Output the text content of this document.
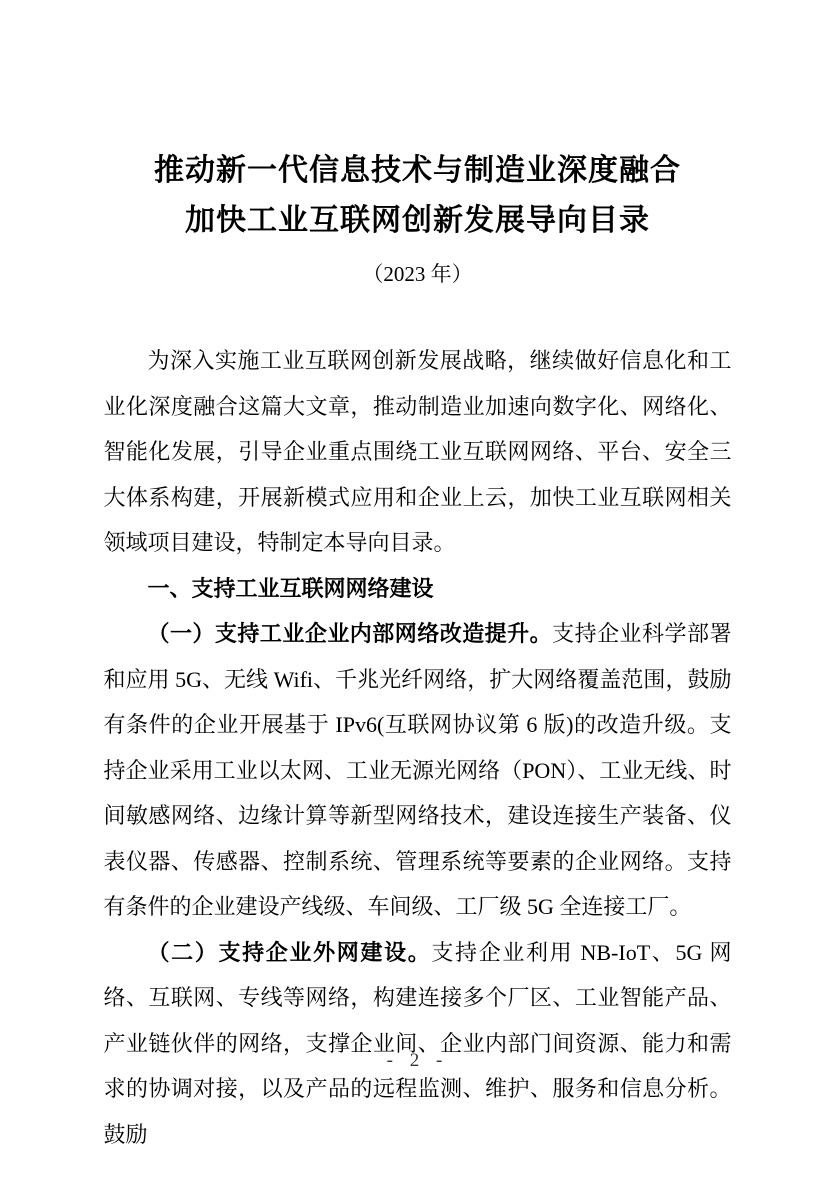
推动新一代信息技术与制造业深度融合
加快工业互联网创新发展导向目录
（2023 年）

为深入实施工业互联网创新发展战略，继续做好信息化和工业化深度融合这篇大文章，推动制造业加速向数字化、网络化、智能化发展，引导企业重点围绕工业互联网网络、平台、安全三大体系构建，开展新模式应用和企业上云，加快工业互联网相关领域项目建设，特制定本导向目录。

一、支持工业互联网网络建设

（一）支持工业企业内部网络改造提升。支持企业科学部署和应用 5G、无线 Wifi、千兆光纤网络，扩大网络覆盖范围，鼓励有条件的企业开展基于 IPv6(互联网协议第 6 版)的改造升级。支持企业采用工业以太网、工业无源光网络（PON）、工业无线、时间敏感网络、边缘计算等新型网络技术，建设连接生产装备、仪表仪器、传感器、控制系统、管理系统等要素的企业网络。支持有条件的企业建设产线级、车间级、工厂级 5G 全连接工厂。

（二）支持企业外网建设。支持企业利用 NB-IoT、5G 网络、互联网、专线等网络，构建连接多个厂区、工业智能产品、产业链伙伴的网络，支撑企业间、企业内部门间资源、能力和需求的协调对接，以及产品的远程监测、维护、服务和信息分析。鼓励

- 2 -
